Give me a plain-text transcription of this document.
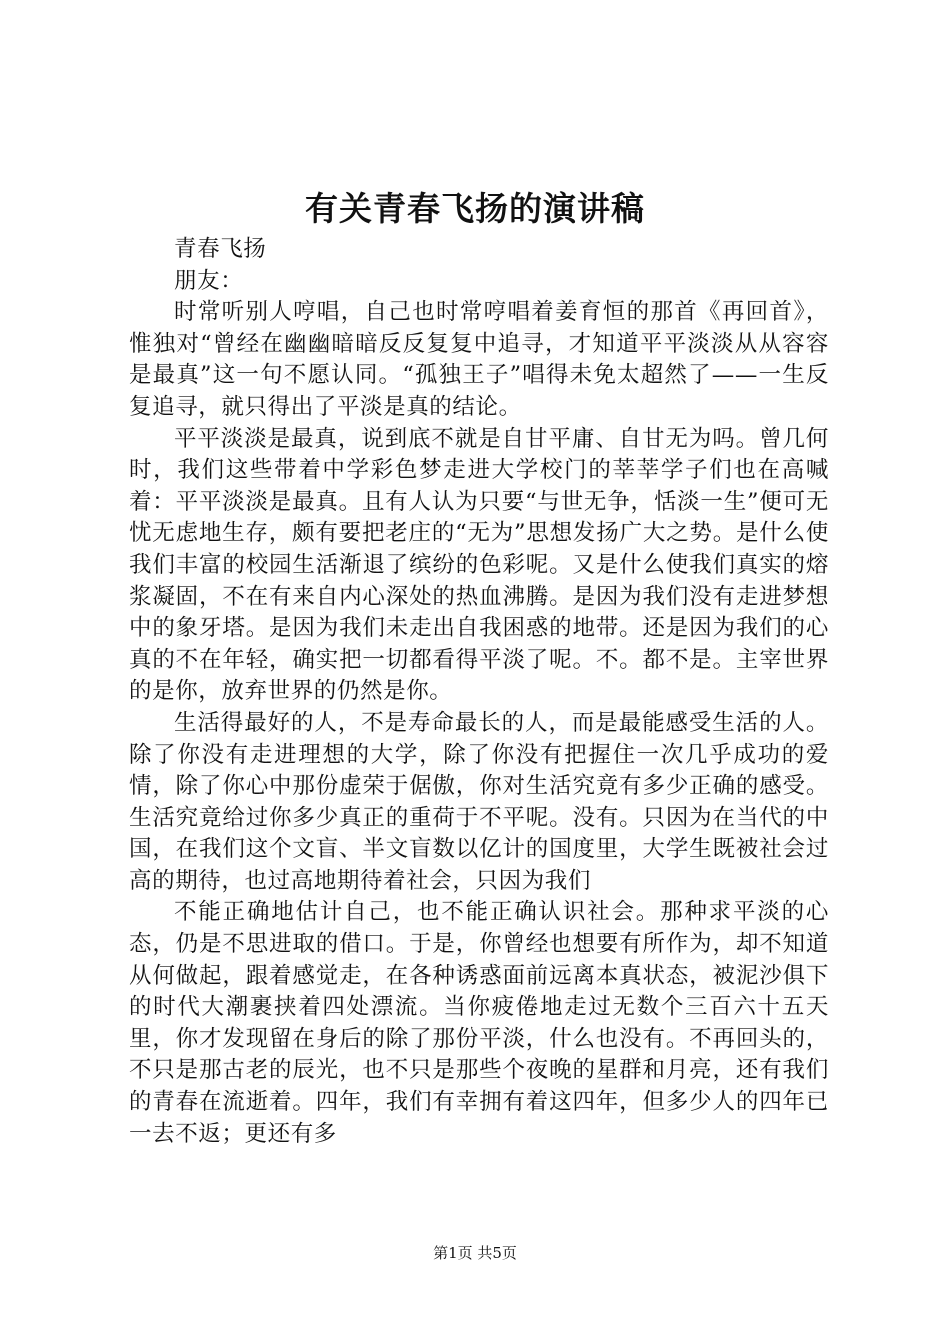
有关青春飞扬的演讲稿

青春飞扬

朋友：

时常听别人哼唱，自己也时常哼唱着姜育恒的那首《再回首》，惟独对“曾经在幽幽暗暗反反复复中追寻，才知道平平淡淡从从容容是最真”这一句不愿认同。“孤独王子”唱得未免太超然了——一生反复追寻，就只得出了平淡是真的结论。

平平淡淡是最真，说到底不就是自甘平庸、自甘无为吗。曾几何时，我们这些带着中学彩色梦走进大学校门的莘莘学子们也在高喊着：平平淡淡是最真。且有人认为只要“与世无争，恬淡一生”便可无忧无虑地生存，颇有要把老庄的“无为”思想发扬广大之势。是什么使我们丰富的校园生活渐退了缤纷的色彩呢。又是什么使我们真实的熔浆凝固，不在有来自内心深处的热血沸腾。是因为我们没有走进梦想中的象牙塔。是因为我们未走出自我困惑的地带。还是因为我们的心真的不在年轻，确实把一切都看得平淡了呢。不。都不是。主宰世界的是你，放弃世界的仍然是你。

生活得最好的人，不是寿命最长的人，而是最能感受生活的人。除了你没有走进理想的大学，除了你没有把握住一次几乎成功的爱情，除了你心中那份虚荣于倨傲，你对生活究竟有多少正确的感受。生活究竟给过你多少真正的重荷于不平呢。没有。只因为在当代的中国，在我们这个文盲、半文盲数以亿计的国度里，大学生既被社会过高的期待，也过高地期待着社会，只因为我们

不能正确地估计自己，也不能正确认识社会。那种求平淡的心态，仍是不思进取的借口。于是，你曾经也想要有所作为，却不知道从何做起，跟着感觉走，在各种诱惑面前远离本真状态，被泥沙俱下的时代大潮裹挟着四处漂流。当你疲倦地走过无数个三百六十五天里，你才发现留在身后的除了那份平淡，什么也没有。不再回头的，不只是那古老的辰光，也不只是那些个夜晚的星群和月亮，还有我们的青春在流逝着。四年，我们有幸拥有着这四年，但多少人的四年已一去不返；更还有多

第1页 共5页
